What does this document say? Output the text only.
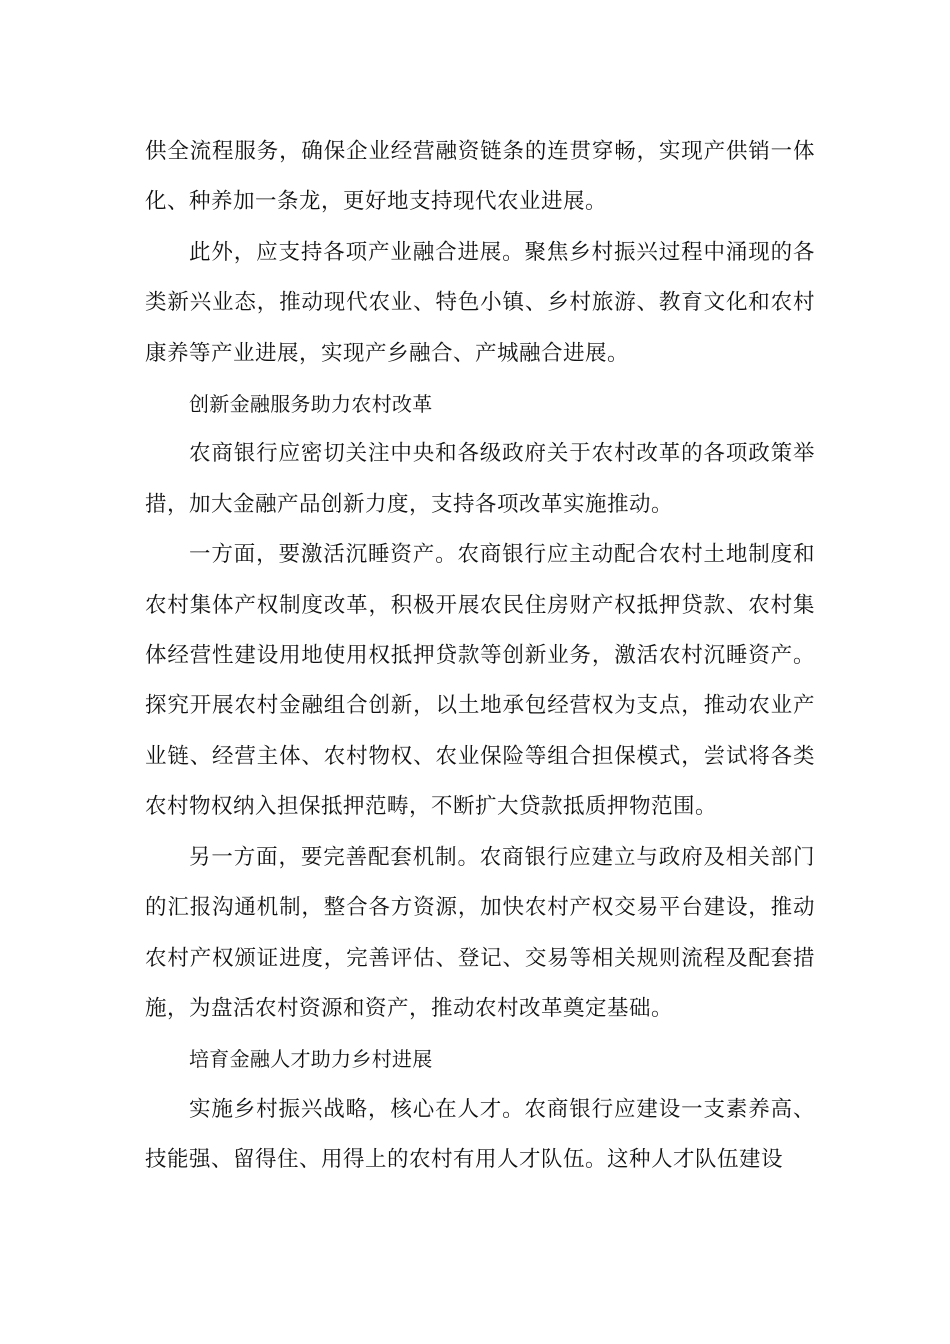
供全流程服务，确保企业经营融资链条的连贯穿畅，实现产供销一体化、种养加一条龙，更好地支持现代农业进展。

此外，应支持各项产业融合进展。聚焦乡村振兴过程中涌现的各类新兴业态，推动现代农业、特色小镇、乡村旅游、教育文化和农村康养等产业进展，实现产乡融合、产城融合进展。

创新金融服务助力农村改革

农商银行应密切关注中央和各级政府关于农村改革的各项政策举措，加大金融产品创新力度，支持各项改革实施推动。

一方面，要激活沉睡资产。农商银行应主动配合农村土地制度和农村集体产权制度改革，积极开展农民住房财产权抵押贷款、农村集体经营性建设用地使用权抵押贷款等创新业务，激活农村沉睡资产。探究开展农村金融组合创新，以土地承包经营权为支点，推动农业产业链、经营主体、农村物权、农业保险等组合担保模式，尝试将各类农村物权纳入担保抵押范畴，不断扩大贷款抵质押物范围。

另一方面，要完善配套机制。农商银行应建立与政府及相关部门的汇报沟通机制，整合各方资源，加快农村产权交易平台建设，推动农村产权颁证进度，完善评估、登记、交易等相关规则流程及配套措施，为盘活农村资源和资产，推动农村改革奠定基础。

培育金融人才助力乡村进展

实施乡村振兴战略，核心在人才。农商银行应建设一支素养高、技能强、留得住、用得上的农村有用人才队伍。这种人才队伍建设
